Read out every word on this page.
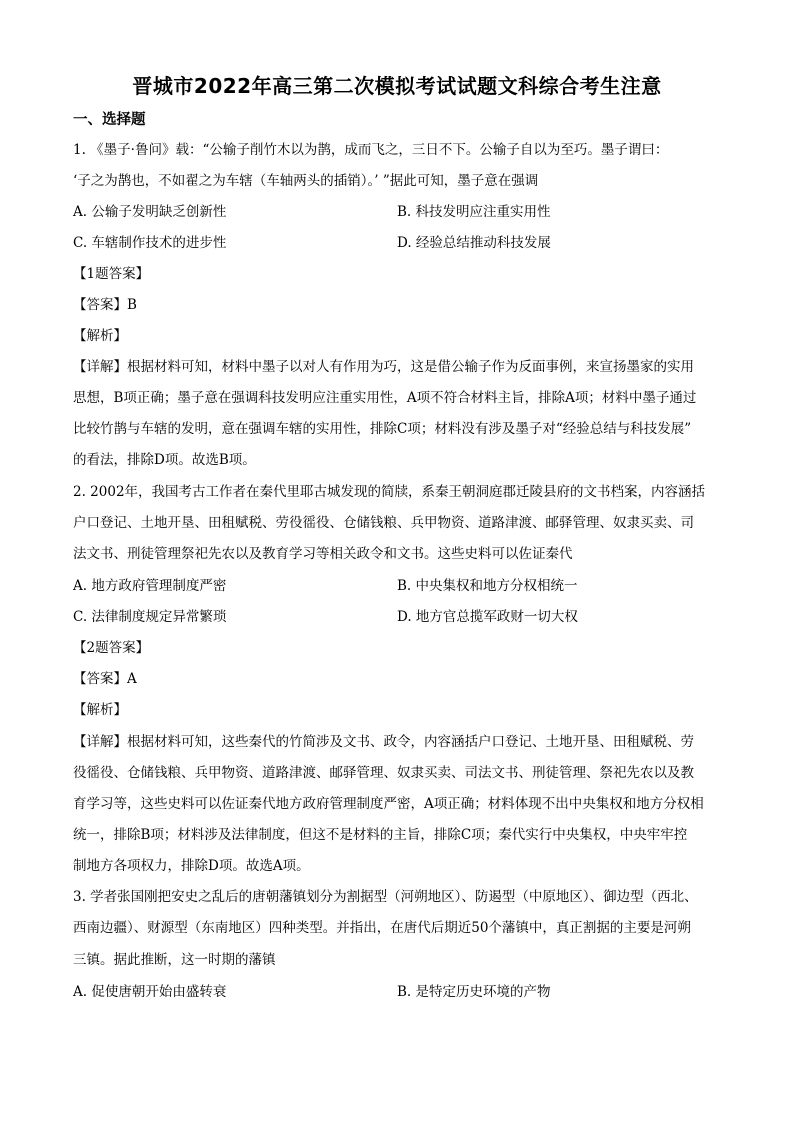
晋城市2022年高三第二次模拟考试试题文科综合考生注意
一、选择题
1. 《墨子·鲁问》载：“公输子削竹木以为鹊，成而飞之，三日不下。公输子自以为至巧。墨子谓曰：
‘子之为鹊也，不如翟之为车辖（车轴两头的插销）。’ ”据此可知，墨子意在强调
A. 公输子发明缺乏创新性	B. 科技发明应注重实用性
C. 车辖制作技术的进步性	D. 经验总结推动科技发展
【1题答案】
【答案】B
【解析】
【详解】根据材料可知，材料中墨子以对人有作用为巧，这是借公输子作为反面事例，来宣扬墨家的实用
思想，B项正确；墨子意在强调科技发明应注重实用性，A项不符合材料主旨，排除A项；材料中墨子通过
比较竹鹊与车辖的发明，意在强调车辖的实用性，排除C项；材料没有涉及墨子对“经验总结与科技发展”
的看法，排除D项。故选B项。
2. 2002年，我国考古工作者在秦代里耶古城发现的简牍，系秦王朝洞庭郡迁陵县府的文书档案，内容涵括
户口登记、土地开垦、田租赋税、劳役徭役、仓储钱粮、兵甲物资、道路津渡、邮驿管理、奴隶买卖、司
法文书、刑徒管理祭祀先农以及教育学习等相关政令和文书。这些史料可以佐证秦代
A. 地方政府管理制度严密	B. 中央集权和地方分权相统一
C. 法律制度规定异常繁琐	D. 地方官总揽军政财一切大权
【2题答案】
【答案】A
【解析】
【详解】根据材料可知，这些秦代的竹简涉及文书、政令，内容涵括户口登记、土地开垦、田租赋税、劳
役徭役、仓储钱粮、兵甲物资、道路津渡、邮驿管理、奴隶买卖、司法文书、刑徒管理、祭祀先农以及教
育学习等，这些史料可以佐证秦代地方政府管理制度严密，A项正确；材料体现不出中央集权和地方分权相
统一，排除B项；材料涉及法律制度，但这不是材料的主旨，排除C项；秦代实行中央集权，中央牢牢控
制地方各项权力，排除D项。故选A项。
3. 学者张国刚把安史之乱后的唐朝藩镇划分为割据型（河朔地区）、防遏型（中原地区）、御边型（西北、
西南边疆）、财源型（东南地区）四种类型。并指出，在唐代后期近50个藩镇中，真正割据的主要是河朔
三镇。据此推断，这一时期的藩镇
A. 促使唐朝开始由盛转衰	B. 是特定历史环境的产物
